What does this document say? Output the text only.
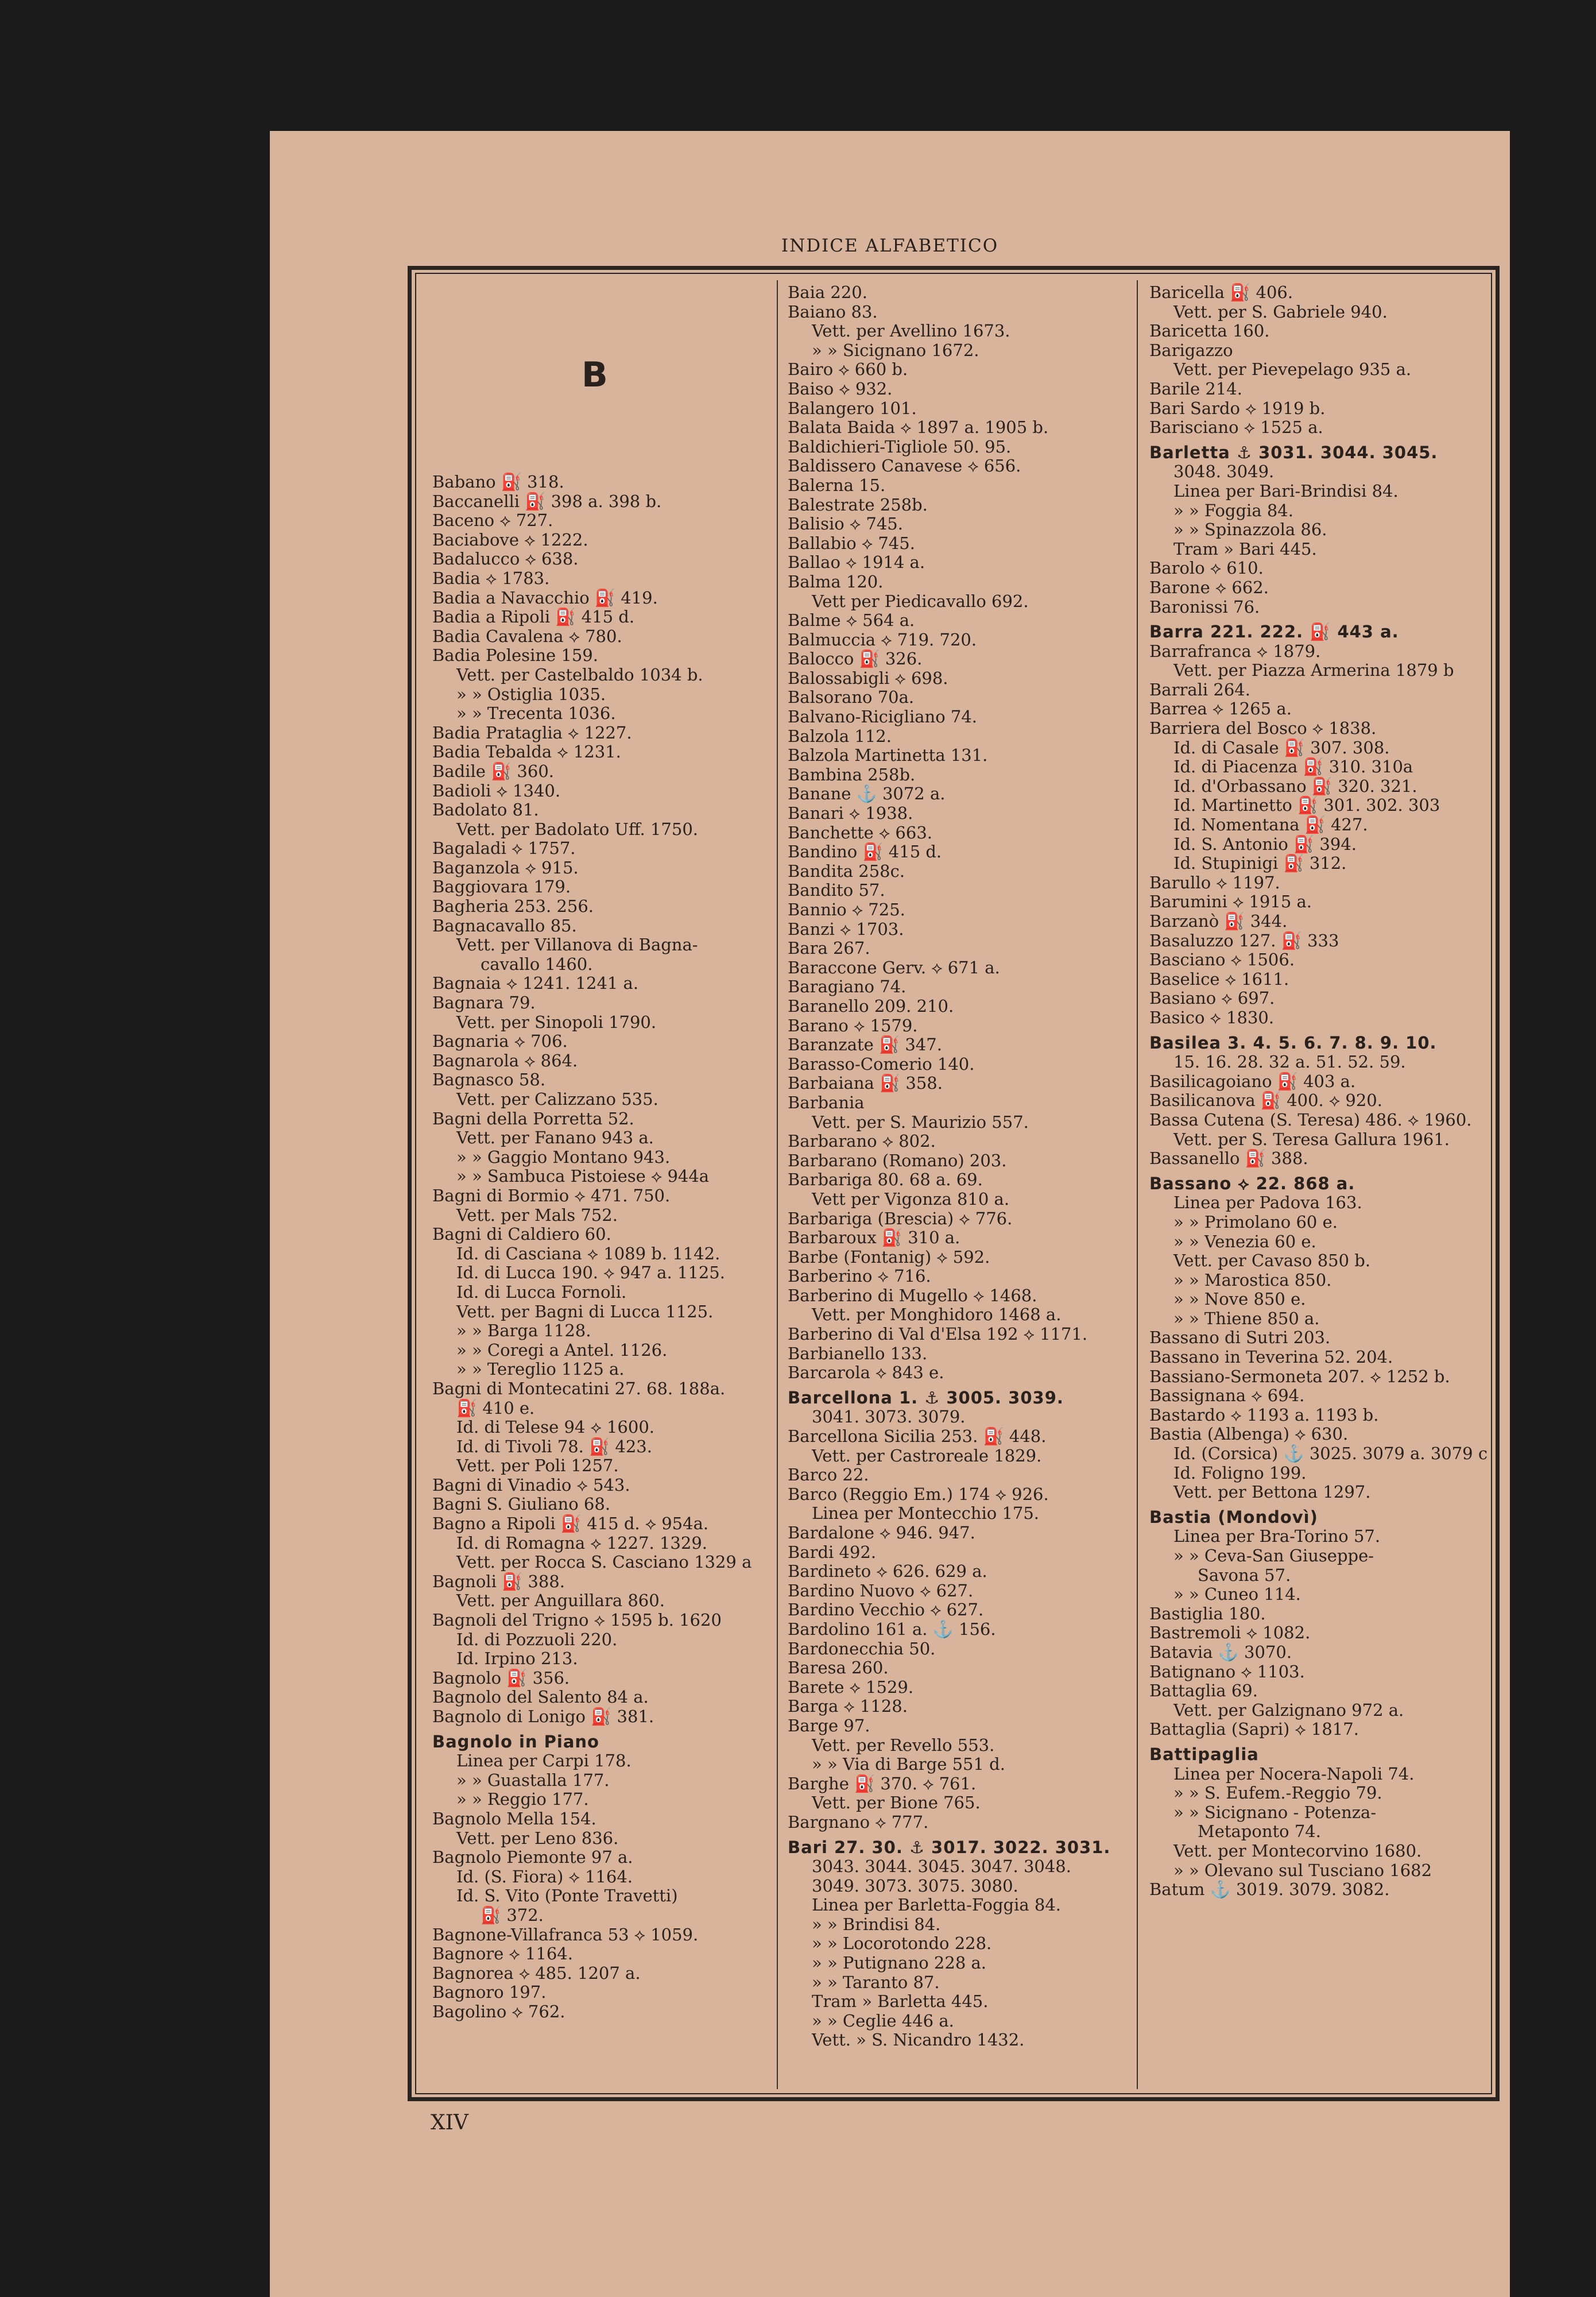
INDICE ALFABETICO
B
Babano ⛽ 318.
Baccanelli ⛽ 398 a. 398 b.
Baceno ⟡ 727.
Baciabove ⟡ 1222.
Badalucco ⟡ 638.
Badia ⟡ 1783.
Badia a Navacchio ⛽ 419.
Badia a Ripoli ⛽ 415 d.
Badia Cavalena ⟡ 780.
Badia Polesine 159.
Vett. per Castelbaldo 1034 b.
» » Ostiglia 1035.
» » Trecenta 1036.
Badia Prataglia ⟡ 1227.
Badia Tebalda ⟡ 1231.
Badile ⛽ 360.
Badioli ⟡ 1340.
Badolato 81.
Vett. per Badolato Uff. 1750.
Bagaladi ⟡ 1757.
Baganzola ⟡ 915.
Baggiovara 179.
Bagheria 253. 256.
Bagnacavallo 85.
Vett. per Villanova di Bagna-
cavallo 1460.
Bagnaia ⟡ 1241. 1241 a.
Bagnara 79.
Vett. per Sinopoli 1790.
Bagnaria ⟡ 706.
Bagnarola ⟡ 864.
Bagnasco 58.
Vett. per Calizzano 535.
Bagni della Porretta 52.
Vett. per Fanano 943 a.
» » Gaggio Montano 943.
» » Sambuca Pistoiese ⟡ 944a
Bagni di Bormio ⟡ 471. 750.
Vett. per Mals 752.
Bagni di Caldiero 60.
Id. di Casciana ⟡ 1089 b. 1142.
Id. di Lucca 190. ⟡ 947 a. 1125.
Id. di Lucca Fornoli.
Vett. per Bagni di Lucca 1125.
» » Barga 1128.
» » Coregi a Antel. 1126.
» » Tereglio 1125 a.
Bagni di Montecatini 27. 68. 188a.
⛽ 410 e.
Id. di Telese 94 ⟡ 1600.
Id. di Tivoli 78. ⛽ 423.
Vett. per Poli 1257.
Bagni di Vinadio ⟡ 543.
Bagni S. Giuliano 68.
Bagno a Ripoli ⛽ 415 d. ⟡ 954a.
Id. di Romagna ⟡ 1227. 1329.
Vett. per Rocca S. Casciano 1329 a
Bagnoli ⛽ 388.
Vett. per Anguillara 860.
Bagnoli del Trigno ⟡ 1595 b. 1620
Id. di Pozzuoli 220.
Id. Irpino 213.
Bagnolo ⛽ 356.
Bagnolo del Salento 84 a.
Bagnolo di Lonigo ⛽ 381.
Bagnolo in Piano
Linea per Carpi 178.
» » Guastalla 177.
» » Reggio 177.
Bagnolo Mella 154.
Vett. per Leno 836.
Bagnolo Piemonte 97 a.
Id. (S. Fiora) ⟡ 1164.
Id. S. Vito (Ponte Travetti)
⛽ 372.
Bagnone-Villafranca 53 ⟡ 1059.
Bagnore ⟡ 1164.
Bagnorea ⟡ 485. 1207 a.
Bagnoro 197.
Bagolino ⟡ 762.
Baia 220.
Baiano 83.
Vett. per Avellino 1673.
» » Sicignano 1672.
Bairo ⟡ 660 b.
Baiso ⟡ 932.
Balangero 101.
Balata Baida ⟡ 1897 a. 1905 b.
Baldichieri-Tigliole 50. 95.
Baldissero Canavese ⟡ 656.
Balerna 15.
Balestrate 258b.
Balisio ⟡ 745.
Ballabio ⟡ 745.
Ballao ⟡ 1914 a.
Balma 120.
Vett per Piedicavallo 692.
Balme ⟡ 564 a.
Balmuccia ⟡ 719. 720.
Balocco ⛽ 326.
Balossabigli ⟡ 698.
Balsorano 70a.
Balvano-Ricigliano 74.
Balzola 112.
Balzola Martinetta 131.
Bambina 258b.
Banane ⚓ 3072 a.
Banari ⟡ 1938.
Banchette ⟡ 663.
Bandino ⛽ 415 d.
Bandita 258c.
Bandito 57.
Bannio ⟡ 725.
Banzi ⟡ 1703.
Bara 267.
Baraccone Gerv. ⟡ 671 a.
Baragiano 74.
Baranello 209. 210.
Barano ⟡ 1579.
Baranzate ⛽ 347.
Barasso-Comerio 140.
Barbaiana ⛽ 358.
Barbania
Vett. per S. Maurizio 557.
Barbarano ⟡ 802.
Barbarano (Romano) 203.
Barbariga 80. 68 a. 69.
Vett per Vigonza 810 a.
Barbariga (Brescia) ⟡ 776.
Barbaroux ⛽ 310 a.
Barbe (Fontanig) ⟡ 592.
Barberino ⟡ 716.
Barberino di Mugello ⟡ 1468.
Vett. per Monghidoro 1468 a.
Barberino di Val d'Elsa 192 ⟡ 1171.
Barbianello 133.
Barcarola ⟡ 843 e.
Barcellona 1. ⚓ 3005. 3039.
3041. 3073. 3079.
Barcellona Sicilia 253. ⛽ 448.
Vett. per Castroreale 1829.
Barco 22.
Barco (Reggio Em.) 174 ⟡ 926.
Linea per Montecchio 175.
Bardalone ⟡ 946. 947.
Bardi 492.
Bardineto ⟡ 626. 629 a.
Bardino Nuovo ⟡ 627.
Bardino Vecchio ⟡ 627.
Bardolino 161 a. ⚓ 156.
Bardonecchia 50.
Baresa 260.
Barete ⟡ 1529.
Barga ⟡ 1128.
Barge 97.
Vett. per Revello 553.
» » Via di Barge 551 d.
Barghe ⛽ 370. ⟡ 761.
Vett. per Bione 765.
Bargnano ⟡ 777.
Bari 27. 30. ⚓ 3017. 3022. 3031.
3043. 3044. 3045. 3047. 3048.
3049. 3073. 3075. 3080.
Linea per Barletta-Foggia 84.
» » Brindisi 84.
» » Locorotondo 228.
» » Putignano 228 a.
» » Taranto 87.
Tram » Barletta 445.
» » Ceglie 446 a.
Vett. » S. Nicandro 1432.
Baricella ⛽ 406.
Vett. per S. Gabriele 940.
Baricetta 160.
Barigazzo
Vett. per Pievepelago 935 a.
Barile 214.
Bari Sardo ⟡ 1919 b.
Barisciano ⟡ 1525 a.
Barletta ⚓ 3031. 3044. 3045.
3048. 3049.
Linea per Bari-Brindisi 84.
» » Foggia 84.
» » Spinazzola 86.
Tram » Bari 445.
Barolo ⟡ 610.
Barone ⟡ 662.
Baronissi 76.
Barra 221. 222. ⛽ 443 a.
Barrafranca ⟡ 1879.
Vett. per Piazza Armerina 1879 b
Barrali 264.
Barrea ⟡ 1265 a.
Barriera del Bosco ⟡ 1838.
Id. di Casale ⛽ 307. 308.
Id. di Piacenza ⛽ 310. 310a
Id. d'Orbassano ⛽ 320. 321.
Id. Martinetto ⛽ 301. 302. 303
Id. Nomentana ⛽ 427.
Id. S. Antonio ⛽ 394.
Id. Stupinigi ⛽ 312.
Barullo ⟡ 1197.
Barumini ⟡ 1915 a.
Barzanò ⛽ 344.
Basaluzzo 127. ⛽ 333
Basciano ⟡ 1506.
Baselice ⟡ 1611.
Basiano ⟡ 697.
Basico ⟡ 1830.
Basilea 3. 4. 5. 6. 7. 8. 9. 10.
15. 16. 28. 32 a. 51. 52. 59.
Basilicagoiano ⛽ 403 a.
Basilicanova ⛽ 400. ⟡ 920.
Bassa Cutena (S. Teresa) 486. ⟡ 1960.
Vett. per S. Teresa Gallura 1961.
Bassanello ⛽ 388.
Bassano ⟡ 22. 868 a.
Linea per Padova 163.
» » Primolano 60 e.
» » Venezia 60 e.
Vett. per Cavaso 850 b.
» » Marostica 850.
» » Nove 850 e.
» » Thiene 850 a.
Bassano di Sutri 203.
Bassano in Teverina 52. 204.
Bassiano-Sermoneta 207. ⟡ 1252 b.
Bassignana ⟡ 694.
Bastardo ⟡ 1193 a. 1193 b.
Bastia (Albenga) ⟡ 630.
Id. (Corsica) ⚓ 3025. 3079 a. 3079 c
Id. Foligno 199.
Vett. per Bettona 1297.
Bastia (Mondovì)
Linea per Bra-Torino 57.
» » Ceva-San Giuseppe-
Savona 57.
» » Cuneo 114.
Bastiglia 180.
Bastremoli ⟡ 1082.
Batavia ⚓ 3070.
Batignano ⟡ 1103.
Battaglia 69.
Vett. per Galzignano 972 a.
Battaglia (Sapri) ⟡ 1817.
Battipaglia
Linea per Nocera-Napoli 74.
» » S. Eufem.-Reggio 79.
» » Sicignano - Potenza-
Metaponto 74.
Vett. per Montecorvino 1680.
» » Olevano sul Tusciano 1682
Batum ⚓ 3019. 3079. 3082.
XIV
